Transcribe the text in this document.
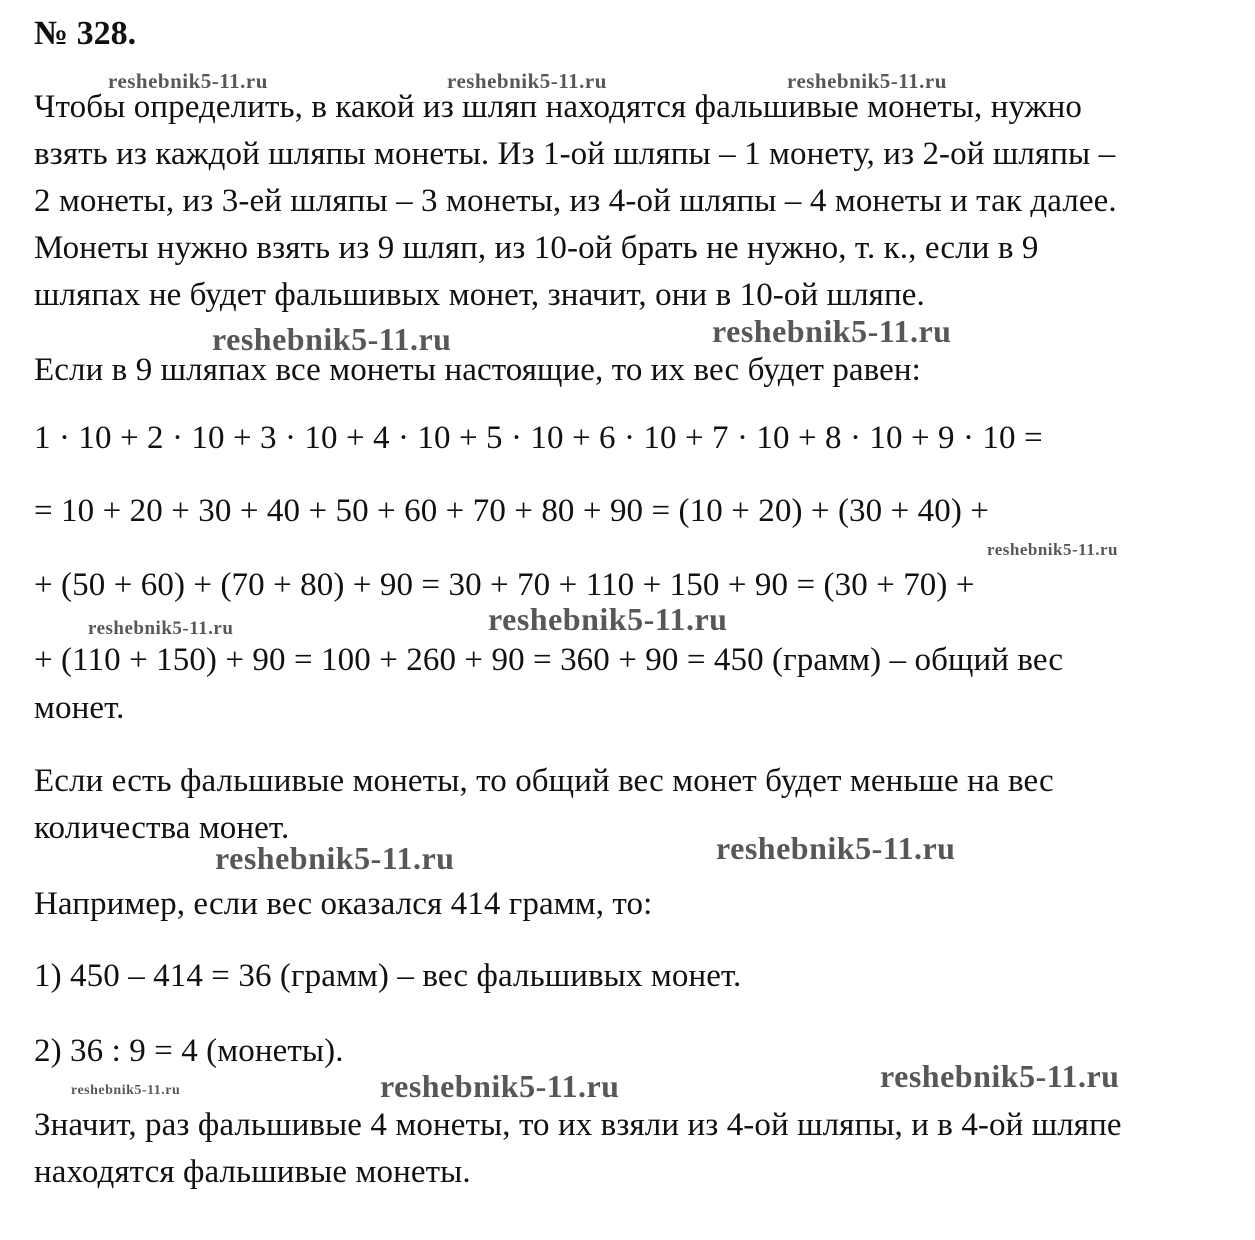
№ 328.
Чтобы определить, в какой из шляп находятся фальшивые монеты, нужно
взять из каждой шляпы монеты. Из 1-ой шляпы – 1 монету, из 2-ой шляпы –
2 монеты, из 3-ей шляпы – 3 монеты, из 4-ой шляпы – 4 монеты и так далее.
Монеты нужно взять из 9 шляп, из 10-ой брать не нужно, т. к., если в 9
шляпах не будет фальшивых монет, значит, они в 10-ой шляпе.
Если в 9 шляпах все монеты настоящие, то их вес будет равен:
1 · 10 + 2 · 10 + 3 · 10 + 4 · 10 + 5 · 10 + 6 · 10 + 7 · 10 + 8 · 10 + 9 · 10 =
= 10 + 20 + 30 + 40 + 50 + 60 + 70 + 80 + 90 = (10 + 20) + (30 + 40) +
+ (50 + 60) + (70 + 80) + 90 = 30 + 70 + 110 + 150 + 90 = (30 + 70) +
+ (110 + 150) + 90 = 100 + 260 + 90 = 360 + 90 = 450 (грамм) – общий вес
монет.
Если есть фальшивые монеты, то общий вес монет будет меньше на вес
количества монет.
Например, если вес оказался 414 грамм, то:
1) 450 – 414 = 36 (грамм) – вес фальшивых монет.
2) 36 : 9 = 4 (монеты).
Значит, раз фальшивые 4 монеты, то их взяли из 4-ой шляпы, и в 4-ой шляпе
находятся фальшивые монеты.
reshebnik5-11.ru	reshebnik5-11.ru	reshebnik5-11.ru
reshebnik5-11.ru	reshebnik5-11.ru
reshebnik5-11.ru
reshebnik5-11.ru	reshebnik5-11.ru
reshebnik5-11.ru	reshebnik5-11.ru
reshebnik5-11.ru	reshebnik5-11.ru	reshebnik5-11.ru
